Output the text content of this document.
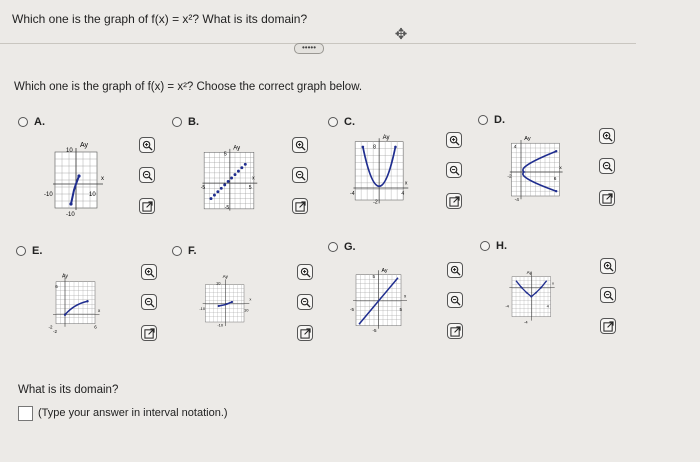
Which one is the graph of f(x) = x²? What is its domain?
✥
•••••
Which one is the graph of f(x) = x²? Choose the correct graph below.
A.
Ay
x
10
-10	10
-10
B.
Ay
x
5
-5	5
-5
C.
Ay
x
8
-4	4
-2
D.
Ay
x
4
-2	6
-4
E.
Ay
x
6
-2	6
-2
F.
Ay
x
10
-10	10
-10
G.
Ay
x
5
-5	5
-5
H.
Ay
x
-4	4
-4
What is its domain?
(Type your answer in interval notation.)
